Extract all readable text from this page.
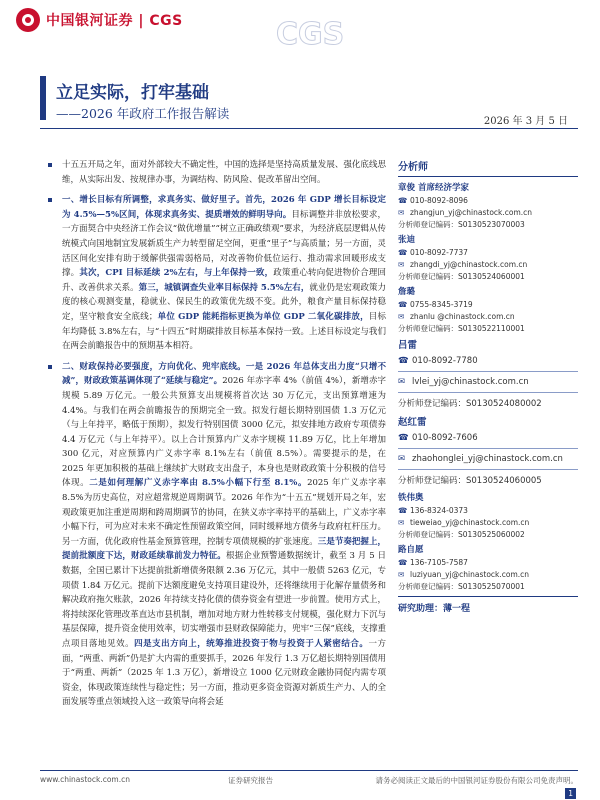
中国银河证券 | CGS	CGS
立足实际，打牢基础
——2026 年政府工作报告解读
2026 年 3 月 5 日

十五五开局之年，面对外部较大不确定性，中国的选择是坚持高质量发展、强化底线思维，从实际出发、按规律办事，为调结构、防风险、促改革留出空间。

一、增长目标有所调整，求真务实、做好里子。首先，2026 年 GDP 增长目标设定为 4.5%—5%区间，体现求真务实、提质增效的鲜明导向。目标调整并非放松要求，一方面契合中央经济工作会议“做优增量”“树立正确政绩观”要求，为经济底层逻辑从传统模式向国地制宜发展新质生产力转型留足空间，更重“里子”与高质量；另一方面，灵活区间化安排有助于缓解供强需弱格局，对改善物价低位运行、推动需求回暖形成支撑。其次，CPI 目标延续 2%左右，与上年保持一致，政策重心转向促进物价合理回升、改善供求关系。第三，城镇调查失业率目标保持 5.5%左右，就业仍是宏观政策力度的核心观测变量，稳就业、保民生的政策优先级不变。此外，粮食产量目标保持稳定，坚守粮食安全底线；单位 GDP 能耗指标更换为单位 GDP 二氧化碳排放，目标年均降低 3.8%左右，与“十四五”时期碳排放目标基本保持一致。上述目标设定与我们在两会前瞻报告中的预期基本相符。

二、财政保持必要强度，方向优化、兜牢底线。一是 2026 年总体支出力度“只增不减”，财政政策基调体现了“延续与稳定”。2026 年赤字率 4%（前值 4%），新增赤字规模 5.89 万亿元。一般公共预算支出规模将首次达 30 万亿元，支出预算增速为 4.4%。与我们在两会前瞻报告的预期完全一致。拟发行超长期特别国债 1.3 万亿元（与上年持平，略低于预期），拟发行特别国债 3000 亿元，拟安排地方政府专项债券 4.4 万亿元（与上年持平）。以上合计预算内广义赤字规模 11.89 万亿，比上年增加 300 亿元，对应预算内广义赤字率 8.1%左右（前值 8.5%）。需要提示的是，在 2025 年更加积极的基础上继续扩大财政支出盘子，本身也是财政政策十分积极的信号体现。二是如何理解广义赤字率由 8.5%小幅下行至 8.1%。2025 年广义赤字率 8.5%为历史高位，对应超常规逆周期调节。2026 年作为“十五五”规划开局之年，宏观政策更加注重逆周期和跨周期调节的协同，在狭义赤字率持平的基础上，广义赤字率小幅下行，可为应对未来不确定性预留政策空间，同时缓释地方债务与政府杠杆压力。另一方面，优化政府性基金预算管理，控制专项债规模的扩张速度。三是节奏把握上，提前批额度下达，财政延续靠前发力特征。根据企业预警通数据统计，截至 3 月 5 日数据，全国已累计下达提前批新增债务限额 2.36 万亿元，其中一般债 5263 亿元，专项债 1.84 万亿元。提前下达额度避免支持项目建设外，还将继续用于化解存量债务和解决政府拖欠账款，2026 年持续支持化债的债券资金有望进一步前置。使用方式上，将持续深化管理改革直达市县机制，增加对地方财力性转移支付规模，强化财力下沉与基层保障，提升资金使用效率，切实增强市县财政保障能力，兜牢“三保”底线，支撑重点项目落地见效。四是支出方向上，统筹推进投资于物与投资于人紧密结合。一方面，“两重、两新”仍是扩大内需的重要抓手，2026 年发行 1.3 万亿超长期特别国债用于“两重、两新”（2025 年 1.3 万亿），新增设立 1000 亿元财政金融协同促内需专项资金，体现政策连续性与稳定性；另一方面，推动更多资金资源对新质生产力、人的全面发展等重点领域投入这一政策导向将会延

分析师
章俊 首席经济学家
☎ 010-8092-8096
✉ zhangjun_yj@chinastock.com.cn
分析师登记编码：S0130523070003
张迪
☎ 010-8092-7737
✉ zhangdi_yj@chinastock.com.cn
分析师登记编码：S0130524060001
詹璐
☎ 0755-8345-3719
✉ zhanlu @chinastock.com.cn
分析师登记编码：S0130522110001
吕雷
☎ 010-8092-7780
✉ lvlei_yj@chinastock.com.cn
分析师登记编码：S0130524080002
赵红雷
☎ 010-8092-7606
✉ zhaohonglei_yj@chinastock.com.cn
分析师登记编码：S0130524060005
铁伟奥
☎ 136-8324-0373
✉ tieweiao_yj@chinastock.com.cn
分析师登记编码：S0130525060002
路自愿
☎ 136-7105-7587
✉ luziyuan_yj@chinastock.com.cn
分析师登记编码：S0130525070001
研究助理：薄一程
www.chinastock.com.cn	证券研究报告	请务必阅读正文最后的中国银河证券股份有限公司免责声明。
1
